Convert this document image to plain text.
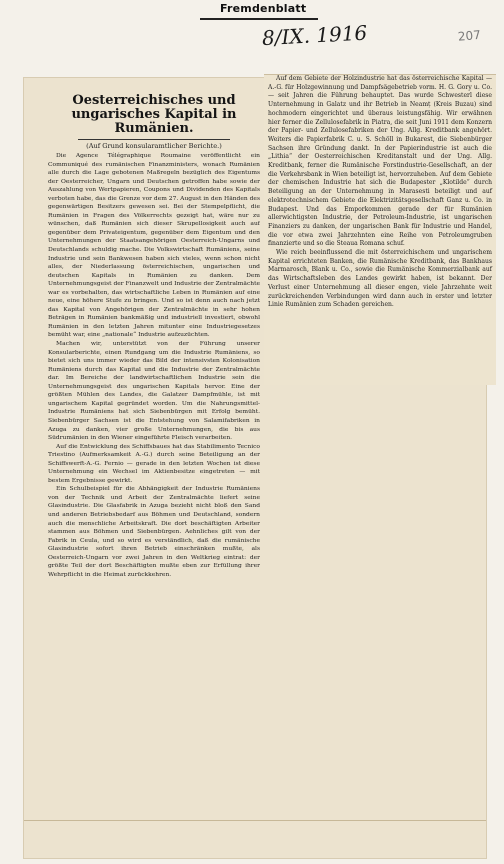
Fremdenblatt
8/IX. 1916	207
Oesterreichisches und ungarisches Kapital in Rumänien.
(Auf Grund konsularamtlicher Berichte.)

Die Agence Télégraphique Roumaine veröffentlicht ein Communiqué des rumänischen Finanzministers, wonach Rumänien alle durch die Lage gebotenen Maßregeln bezüglich des Eigentums der Oesterreicher, Ungarn und Deutschen getroffen habe sowie der Auszahlung von Wertpapieren, Coupons und Dividenden des Kapitals verboten habe, das die Grenze vor dem 27. August in den Händen des gegenwärtigen Besitzers gewesen sei. Bei der Stempelpflicht, die Rumänien in Fragen des Völkerrechts gezeigt hat, wäre nur zu wünschen, daß Rumänien sich dieser Skrupellosigkeit auch auf gegenüber dem Privateigentum, gegenüber dem Eigentum und den Unternehmungen der Staatsangehörigen Oesterreich-Ungarns und Deutschlands schuldig mache. Die Volkswirtschaft Rumäniens, seine Industrie und sein Bankwesen haben sich vieles, wenn schon nicht alles, der Niederlassung österreichischen, ungarischen und deutschen Kapitals in Rumänien zu danken. Dem Unternehmungsgeist der Finanzwelt und Industrie der Zentralmächte war es vorbehalten, das wirtschaftliche Leben in Rumänien auf eine neue, eine höhere Stufe zu bringen. Und so ist denn auch nach jetzt das Kapital von Angehörigen der Zentralmächte in sehr hohen Beträgen in Rumänien bankmäßig und industriell investiert, obwohl Rumänien in den letzten Jahren mitunter eine Industriegesetzes bemüht war, eine „nationale“ Industrie aufzuzüchten.

Machen wir, unterstützt von der Führung unserer Konsularberichte, einen Rundgang um die Industrie Rumäniens, so bietet sich uns immer wieder das Bild der intensivsten Kolonisation Rumäniens durch das Kapital und die Industrie der Zentralmächte dar. Im Bereiche der landwirtschaftlichen Industrie sein die Unternehmungsgeist des ungarischen Kapitals hervor. Eine der größten Mühlen des Landes, die Galatzer Dampfmühle, ist mit ungarischem Kapital gegründet worden. Um die Nahrungsmittel-Industrie Rumäniens hat sich Siebenbürgen mit Erfolg bemüht. Siebenbürger Sachsen ist die Entstehung von Salamifabriken in Azuga zu danken, vier große Unternehmungen, die bis aus Südrumänien in den Wiener eingeführte Fleisch verarbeiten.

Auf die Entwicklung des Schiffsbaues hat das Stabilimento Tecnico Triestino (Aufmerksamkeit A.-G.) durch seine Beteiligung an der Schiffswerft-A.-G. Fernio — gerade in den letzten Wochen ist diese Unternehmung ein Wechsel im Aktienbesitze eingetreten — mit bestem Ergebnisse gewirkt.

Ein Schulbeispiel für die Abhängigkeit der Industrie Rumäniens von der Technik und Arbeit der Zentralmächte liefert seine Glasindustrie. Die Glasfabrik in Azuga bezieht nicht bloß den Sand und anderen Betriebsbedarf aus Böhmen und Deutschland, sondern auch die menschliche Arbeitskraft. Die dort beschäftigten Arbeiter stammen aus Böhmen und Siebenbürgen. Aehnliches gilt von der Fabrik in Ceula, und so wird es verständlich, daß die rumänische Glasindustrie sofort ihren Betrieb einschränken mußte, als Oesterreich-Ungarn vor zwei Jahren in den Weltkrieg eintrat: der größte Teil der dort Beschäftigten mußte eben zur Erfüllung ihrer Wehrpflicht in die Heimat zurückkehren.

Auf dem Gebiete der Holzindustrie hat das österreichische Kapital — A.-G. für Holzgewinnung und Dampfsägebetrieb vorm. H. G. Gory u. Co. — seit Jahren die Führung behauptet. Das wurde Schwesterl diese Unternehmung in Galatz und ihr Betrieb in Neamț (Kreis Buzau) sind hochmodern eingerichtet und überaus leistungsfähig. Wir erwähnen hier ferner die Zellulosefabrik in Piatra, die seit Juni 1911 dem Konzern der Papier- und Zellulosefabriken der Ung. Allg. Kreditbank angehört. Weiters die Papierfabrik C. u. S. Schöll in Bukarest, die Siebenbürger Sachsen ihre Gründung dankt. In der Papierindustrie ist auch die „Lithia“ der Oesterreichischen Kreditanstalt und der Ung. Allg. Kreditbank, ferner die Rumänische Forstindustrie-Gesellschaft, an der die Verkehrsbank in Wien beteiligt ist, hervorzuheben. Auf dem Gebiete der chemischen Industrie hat sich die Budapester „Klotilde“ durch Beteiligung an der Unternehmung in Marasesti beteiligt und auf elektrotechnischem Gebiete die Elektrizitätsgesellschaft Ganz u. Co. in Budapest. Und das Emporkommen gerade der für Rumänien allerwichtigsten Industrie, der Petroleum-Industrie, ist ungarischen Finanziers zu danken, der ungarischen Bank für Industrie und Handel, die vor etwa zwei Jahrzehnten eine Reihe von Petroleumgruben finanzierte und so die Steaua Romana schuf.

Wie reich beeinflussend die mit österreichischem und ungarischem Kapital errichteten Banken, die Rumänische Kreditbank, das Bankhaus Marmarosch, Blank u. Co., sowie die Rumänische Kommerzialbank auf das Wirtschaftsleben des Landes gewirkt haben, ist bekannt. Der Verlust einer Unternehmung all dieser engen, viele Jahrzehnte weit zurückreichenden Verbindungen wird dann auch in erster und letzter Linie Rumänien zum Schaden gereichen.
